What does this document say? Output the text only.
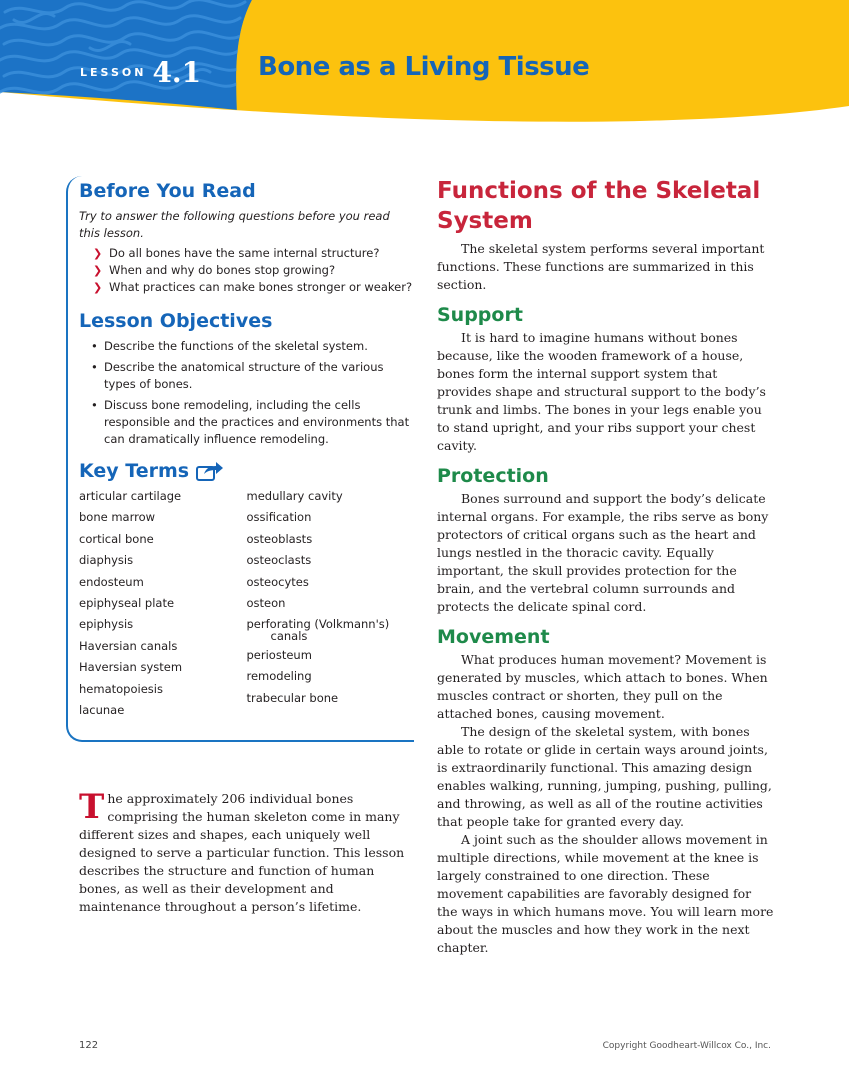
LESSON 4.1 Bone as a Living Tissue
Before You Read

Try to answer the following questions before you read this lesson.

❯ Do all bones have the same internal structure?
❯ When and why do bones stop growing?
❯ What practices can make bones stronger or weaker?
Lesson Objectives
• Describe the functions of the skeletal system.
• Describe the anatomical structure of the various types of bones.
• Discuss bone remodeling, including the cells responsible and the practices and environments that can dramatically influence remodeling.
Key Terms
articular cartilage
bone marrow
cortical bone
diaphysis
endosteum
epiphyseal plate
epiphysis
Haversian canals
Haversian system
hematopoiesis
lacunae
medullary cavity
ossification
osteoblasts
osteoclasts
osteocytes
osteon
perforating (Volkmann's)
canals
periosteum
remodeling
trabecular bone

The approximately 206 individual bones comprising the human skeleton come in many different sizes and shapes, each uniquely well designed to serve a particular function. This lesson describes the structure and function of human bones, as well as their development and maintenance throughout a person’s lifetime.

Functions of the Skeletal System

The skeletal system performs several important functions. These functions are summarized in this section.

Support

It is hard to imagine humans without bones because, like the wooden framework of a house, bones form the internal support system that provides shape and structural support to the body’s trunk and limbs. The bones in your legs enable you to stand upright, and your ribs support your chest cavity.

Protection

Bones surround and support the body’s delicate internal organs. For example, the ribs serve as bony protectors of critical organs such as the heart and lungs nestled in the thoracic cavity. Equally important, the skull provides protection for the brain, and the vertebral column surrounds and protects the delicate spinal cord.

Movement

What produces human movement? Movement is generated by muscles, which attach to bones. When muscles contract or shorten, they pull on the attached bones, causing movement.

The design of the skeletal system, with bones able to rotate or glide in certain ways around joints, is extraordinarily functional. This amazing design enables walking, running, jumping, pushing, pulling, and throwing, as well as all of the routine activities that people take for granted every day.

A joint such as the shoulder allows movement in multiple directions, while movement at the knee is largely constrained to one direction. These movement capabilities are favorably designed for the ways in which humans move. You will learn more about the muscles and how they work in the next chapter.

122	Copyright Goodheart-Willcox Co., Inc.
